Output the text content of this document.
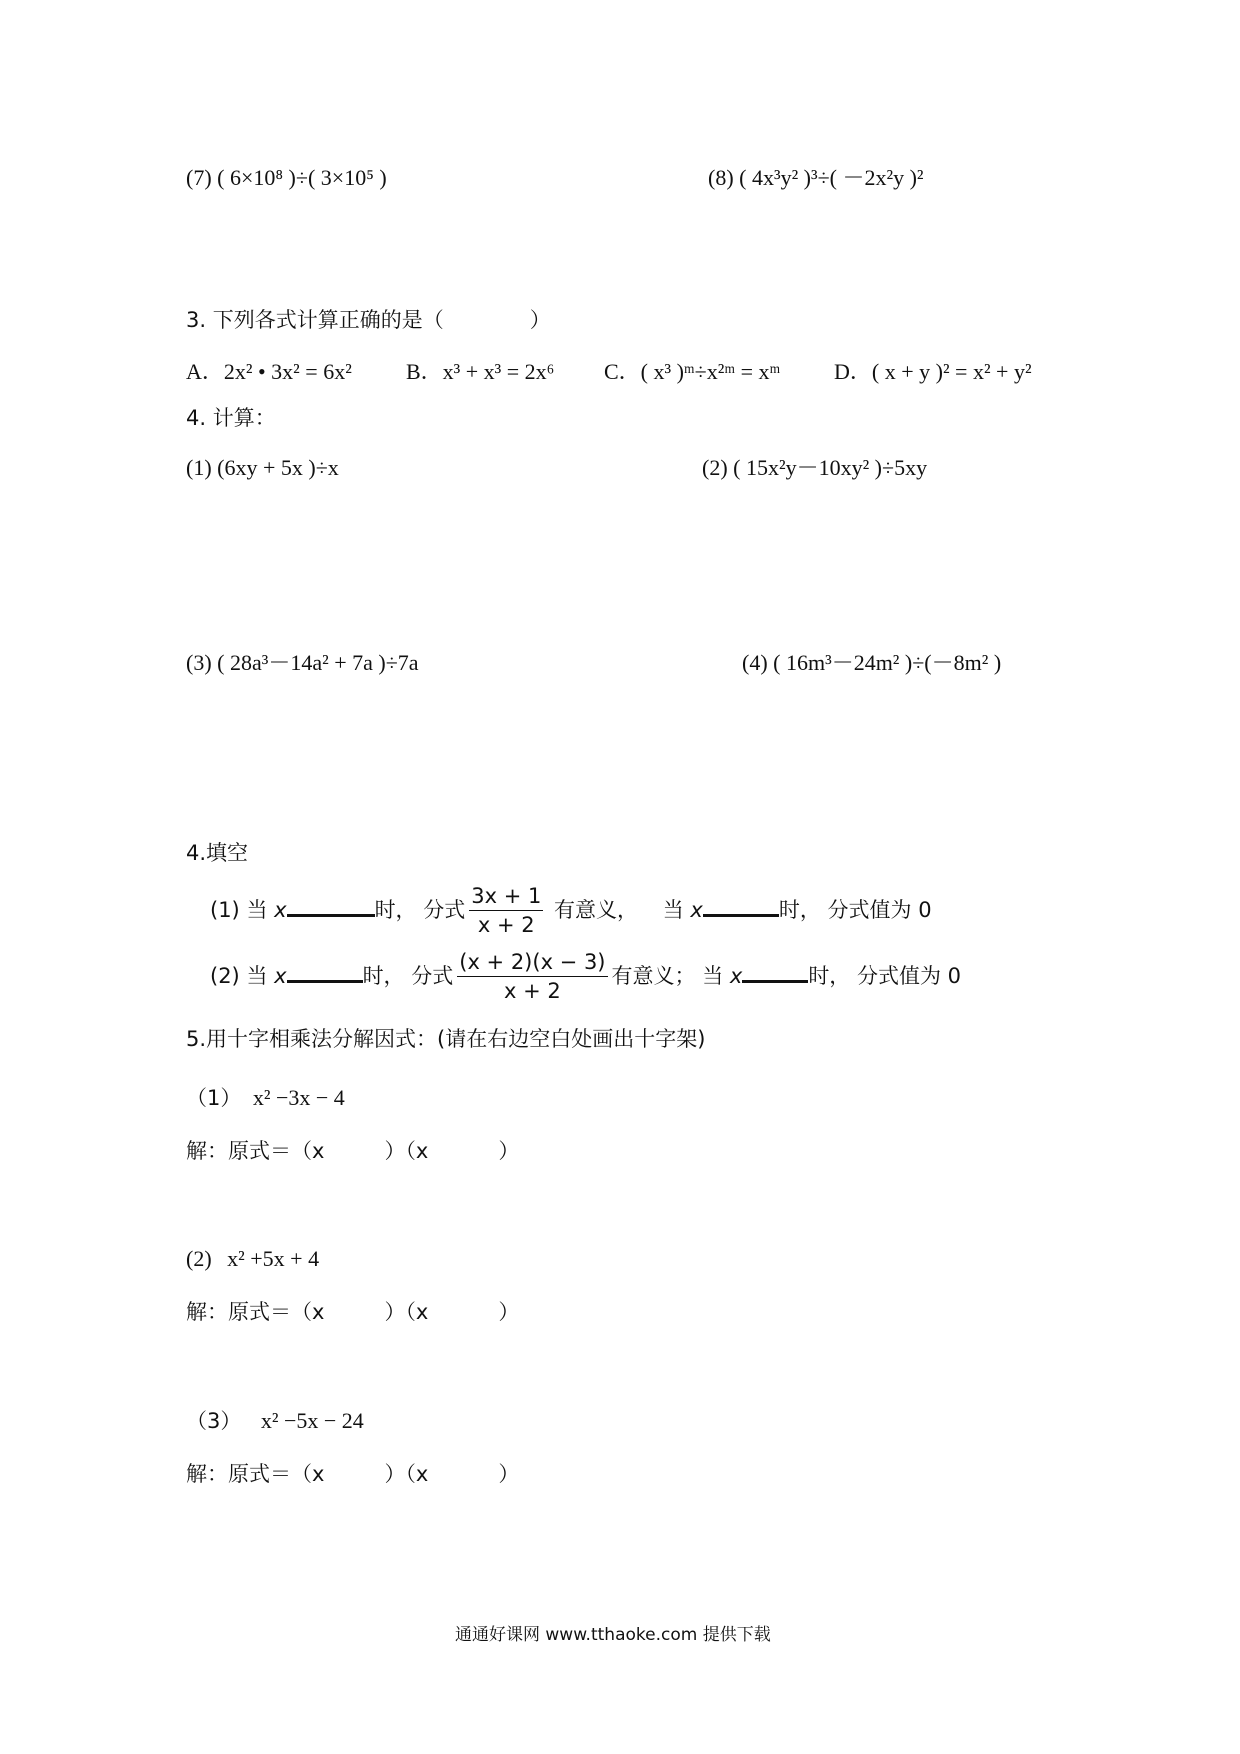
(7) ( 6×10⁸ )÷( 3×10⁵ )	(8) ( 4x³y² )³÷( －2x²y )²
3. 下列各式计算正确的是（	）
A．2x² • 3x² = 6x² B．x³ + x³ = 2x⁶ C．( x³ )ᵐ÷x²ᵐ = xᵐ D．( x + y )² = x² + y²
4. 计算：
(1) (6xy + 5x )÷x	(2) ( 15x²y－10xy² )÷5xy
(3) ( 28a³－14a² + 7a )÷7a	(4) ( 16m³－24m² )÷(－8m² )
4.填空
(1) 当 x	时， 分式 $\frac{3x + 1}{x + 2}$ 有意义， 当 x	时， 分式值为 0
(2) 当 x	时， 分式 $\frac{(x + 2)(x - 3)}{x + 2}$ 有意义； 当 x	时， 分式值为 0
5.用十字相乘法分解因式：(请在右边空白处画出十字架)
（1） x² −3x − 4
解：原式＝（x	）（x	）
(2) x² +5x + 4
解：原式＝（x	）（x	）
（3） x² −5x − 24
解：原式＝（x	）（x	）
通通好课网 www.tthaoke.com 提供下载
